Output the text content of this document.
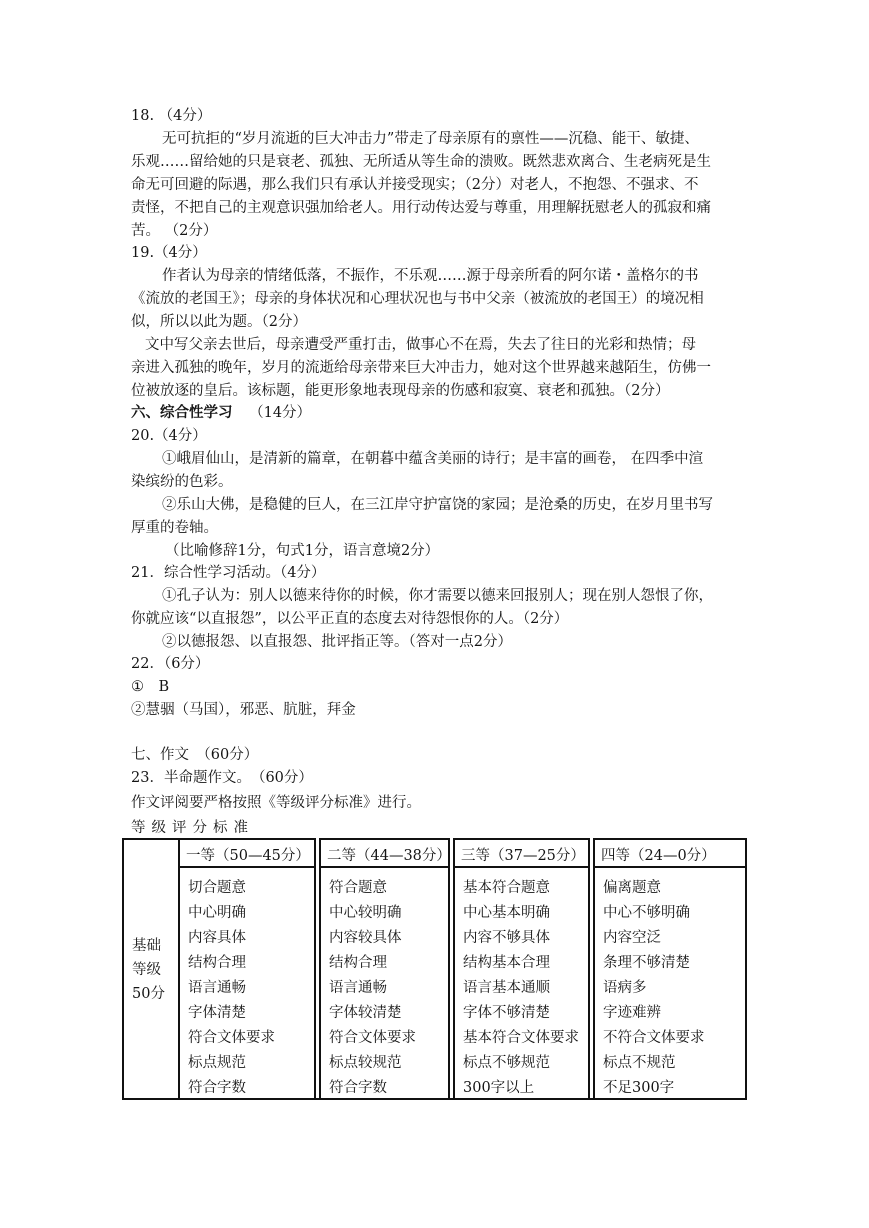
18. （4分）
无可抗拒的“岁月流逝的巨大冲击力”带走了母亲原有的禀性——沉稳、能干、敏捷、
乐观……留给她的只是衰老、孤独、无所适从等生命的溃败。既然悲欢离合、生老病死是生
命无可回避的际遇，那么我们只有承认并接受现实；（2分）对老人，不抱怨、不强求、不
责怪，不把自己的主观意识强加给老人。用行动传达爱与尊重，用理解抚慰老人的孤寂和痛
苦。 （2分）
19.（4分）
作者认为母亲的情绪低落，不振作，不乐观……源于母亲所看的阿尔诺・盖格尔的书
《流放的老国王》；母亲的身体状况和心理状况也与书中父亲（被流放的老国王）的境况相
似，所以以此为题。（2分）
文中写父亲去世后，母亲遭受严重打击，做事心不在焉，失去了往日的光彩和热情；母
亲进入孤独的晚年，岁月的流逝给母亲带来巨大冲击力，她对这个世界越来越陌生，仿佛一
位被放逐的皇后。该标题，能更形象地表现母亲的伤感和寂寞、衰老和孤独。（2分）
六、综合性学习 （14分）
20.（4分）
①峨眉仙山，是清新的篇章，在朝暮中蕴含美丽的诗行；是丰富的画卷， 在四季中渲
染缤纷的色彩。
②乐山大佛，是稳健的巨人，在三江岸守护富饶的家园；是沧桑的历史，在岁月里书写
厚重的卷轴。
（比喻修辞1分，句式1分，语言意境2分）
21．综合性学习活动。（4分）
①孔子认为：别人以德来待你的时候，你才需要以德来回报别人；现在别人怨恨了你，
你就应该“以直报怨”，以公平正直的态度去对待怨恨你的人。（2分）
②以德报怨、以直报怨、批评指正等。（答对一点2分）
22．（6分）
①　B
②慧骃（马国），邪恶、肮脏，拜金
七、作文　（60分）
23．半命题作文。　（60分）
作文评阅要严格按照《等级评分标准》进行。
等级评分标准
基础
等级
50分
一等（50—45分）
切合题意
中心明确
内容具体
结构合理
语言通畅
字体清楚
符合文体要求
标点规范
符合字数
二等（44—38分）
符合题意
中心较明确
内容较具体
结构合理
语言通畅
字体较清楚
符合文体要求
标点较规范
符合字数
三等（37—25分）
基本符合题意
中心基本明确
内容不够具体
结构基本合理
语言基本通顺
字体不够清楚
基本符合文体要求
标点不够规范
300字以上
四等（24—0分）
偏离题意
中心不够明确
内容空泛
条理不够清楚
语病多
字迹难辨
不符合文体要求
标点不规范
不足300字
